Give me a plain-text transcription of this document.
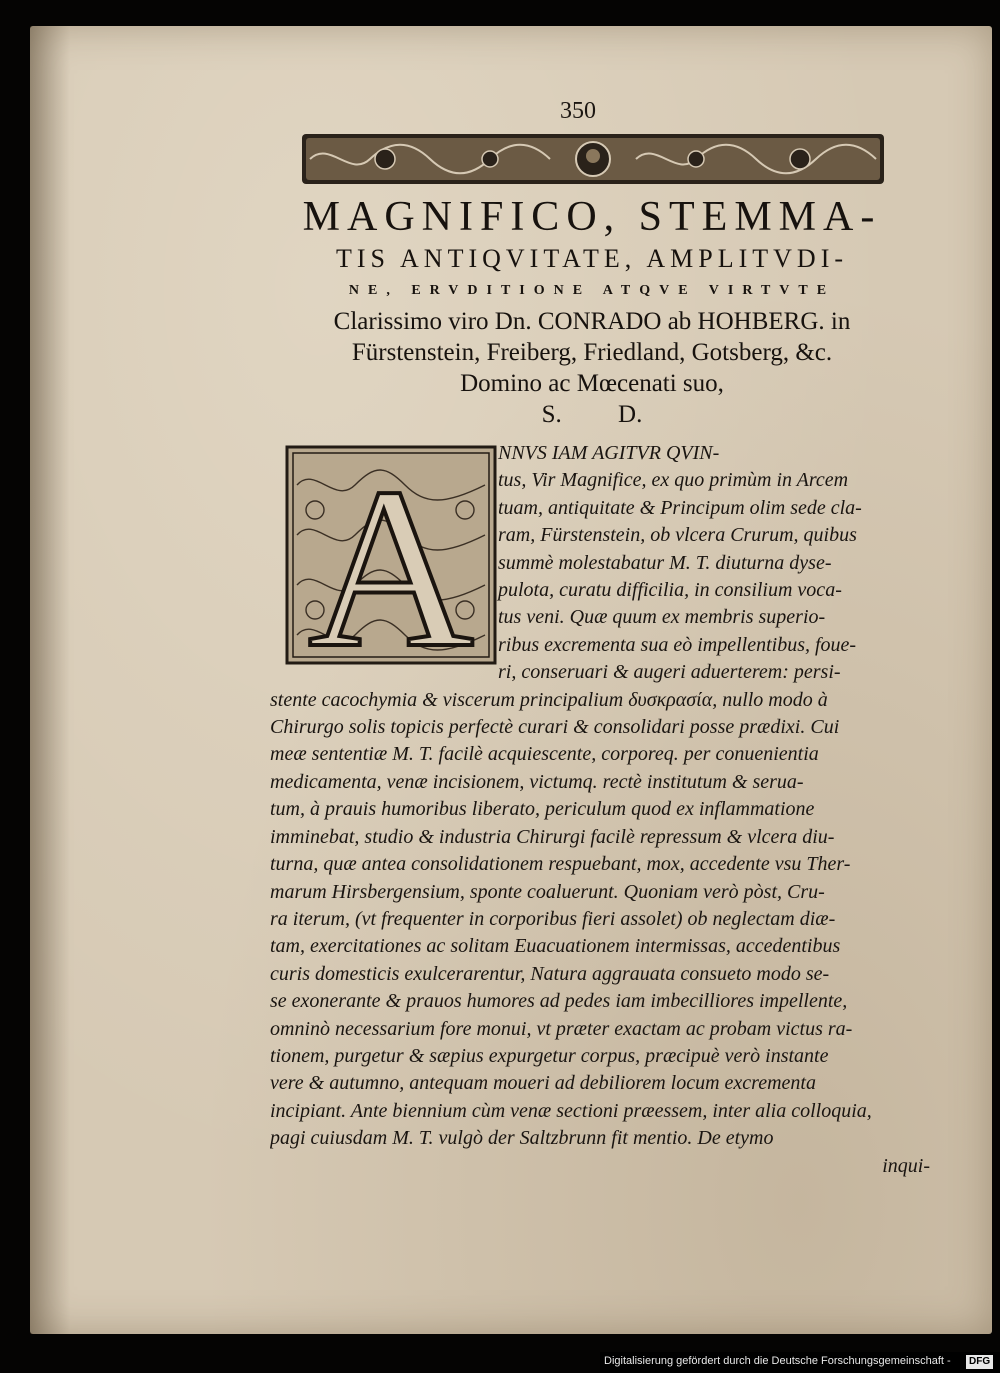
350
MAGNIFICO, STEMMA-
TIS ANTIQVITATE, AMPLITVDI-
NE, ERVDITIONE ATQVE VIRTVTE
Clarissimo viro Dn. CONRADO ab HOHBERG. in
Fürstenstein, Freiberg, Friedland, Gotsberg, &c.
Domino ac Mœcenati suo,
S. D.
A	NNVS IAM AGITVR QVIN-
tus, Vir Magnifice, ex quo primùm in Arcem
tuam, antiquitate & Principum olim sede cla-
ram, Fürstenstein, ob vlcera Crurum, quibus
summè molestabatur M. T. diuturna dyse-
pulota, curatu difficilia, in consilium voca-
tus veni. Quæ quum ex membris superio-
ribus excrementa sua eò impellentibus, foue-
ri, conseruari & augeri aduerterem: persi-
stente cacochymia & viscerum principalium δυσκρασία, nullo modo à
Chirurgo solis topicis perfectè curari & consolidari posse prædixi. Cui
meæ sententiæ M. T. facilè acquiescente, corporeq. per conuenientia
medicamenta, venæ incisionem, victumq. rectè institutum & serua-
tum, à prauis humoribus liberato, periculum quod ex inflammatione
imminebat, studio & industria Chirurgi facilè repressum & vlcera diu-
turna, quæ antea consolidationem respuebant, mox, accedente vsu Ther-
marum Hirsbergensium, sponte coaluerunt. Quoniam verò pòst, Cru-
ra iterum, (vt frequenter in corporibus fieri assolet) ob neglectam diæ-
tam, exercitationes ac solitam Euacuationem intermissas, accedentibus
curis domesticis exulcerarentur, Natura aggrauata consueto modo se-
se exonerante & prauos humores ad pedes iam imbecilliores impellente,
omninò necessarium fore monui, vt præter exactam ac probam victus ra-
tionem, purgetur & sæpius expurgetur corpus, præcipuè verò instante
vere & autumno, antequam moueri ad debiliorem locum excrementa
incipiant. Ante biennium cùm venæ sectioni præessem, inter alia colloquia,
pagi cuiusdam M. T. vulgò der Saltzbrunn fit mentio. De etymo
inqui-
Digitalisierung gefördert durch die Deutsche Forschungsgemeinschaft -	DFG
